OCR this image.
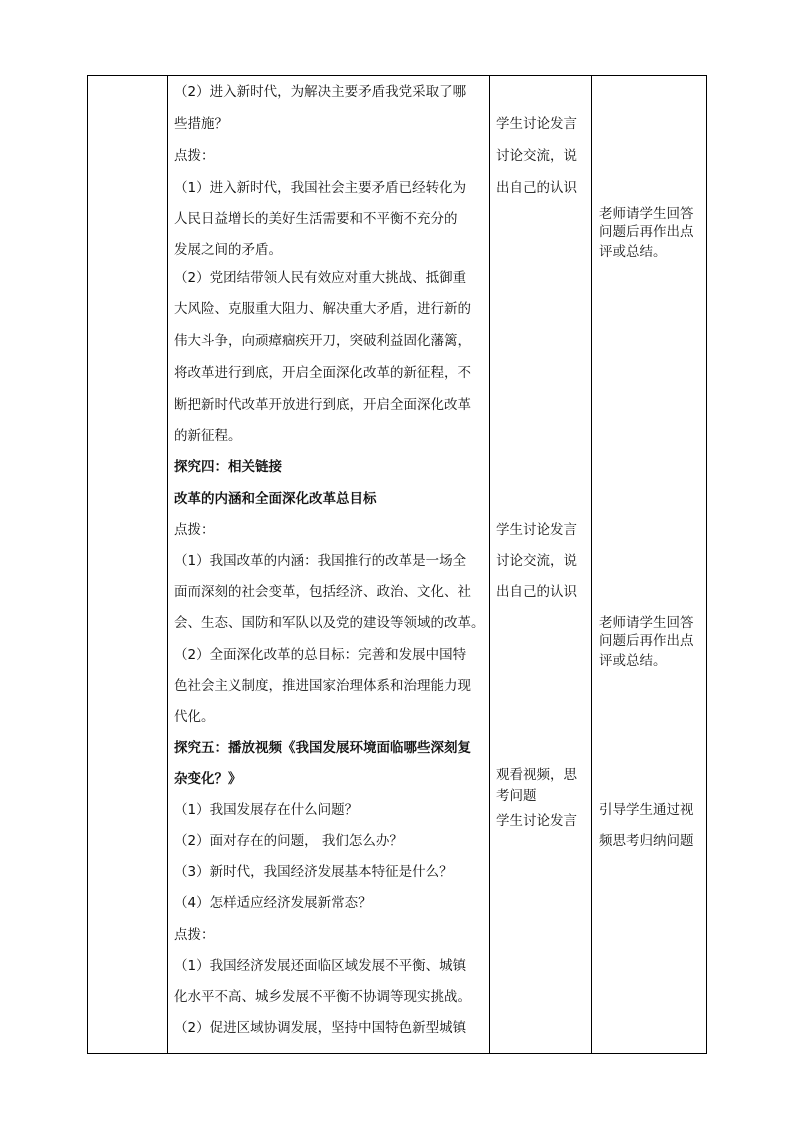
（2）进入新时代，为解决主要矛盾我党采取了哪
些措施？
点拨：
（1）进入新时代，我国社会主要矛盾已经转化为
人民日益增长的美好生活需要和不平衡不充分的
发展之间的矛盾。
（2）党团结带领人民有效应对重大挑战、抵御重
大风险、克服重大阻力、解决重大矛盾，进行新的
伟大斗争，向顽瘴痼疾开刀，突破利益固化藩篱，
将改革进行到底，开启全面深化改革的新征程，不
断把新时代改革开放进行到底，开启全面深化改革
的新征程。
探究四：相关链接
改革的内涵和全面深化改革总目标
点拨：
（1）我国改革的内涵：我国推行的改革是一场全
面而深刻的社会变革，包括经济、政治、文化、社
会、生态、国防和军队以及党的建设等领域的改革。
（2）全面深化改革的总目标：完善和发展中国特
色社会主义制度，推进国家治理体系和治理能力现
代化。
探究五：播放视频《我国发展环境面临哪些深刻复
杂变化？》
（1）我国发展存在什么问题？
（2）面对存在的问题， 我们怎么办？
（3）新时代，我国经济发展基本特征是什么？
（4）怎样适应经济发展新常态？
点拨：
（1）我国经济发展还面临区域发展不平衡、城镇
化水平不高、城乡发展不平衡不协调等现实挑战。
（2）促进区域协调发展，坚持中国特色新型城镇
学生讨论发言
讨论交流，说
出自己的认识
学生讨论发言
讨论交流，说
出自己的认识
观看视频，思
考问题
学生讨论发言
老师请学生回答
问题后再作出点
评或总结。
老师请学生回答
问题后再作出点
评或总结。
引导学生通过视
频思考归纳问题
